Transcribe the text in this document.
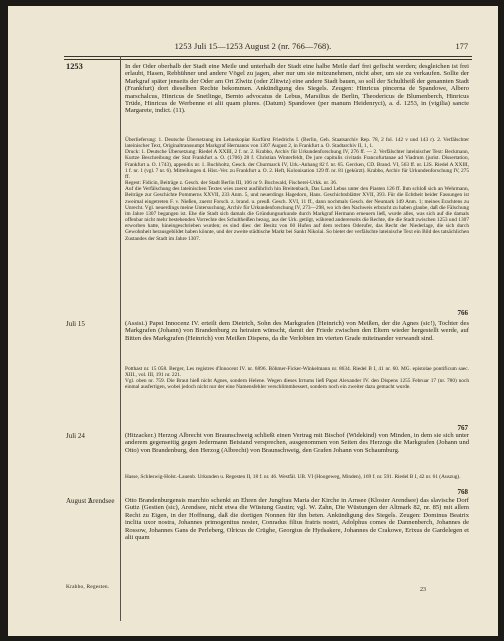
1253 Juli 15—1253 August 2 (nr. 766—768).	177
1253	In der Oder oberhalb der Stadt eine Meile und unterhalb der Stadt eine halbe Meile darf frei gefischt werden; desgleichen ist frei erlaubt, Hasen, Rebhühner und andere Vögel zu jagen, aber nur um sie mitzunehmen, nicht aber, um sie zu verkaufen. Sollte der Markgraf später jenseits der Oder am Ort Zlwitz (oder Zlitwiz) eine andere Stadt bauen, so soll der Schultheiß der genannten Stadt (Frankfurt) dort dieselben Rechte bekommen. Ankündigung des Siegels. Zeugen: Hinricus pincerna de Spandowe, Albero marschalcus, Hinricus de Snetlinge, Bernto advocatus de Lebus, Marsilius de Berlin, Theodericus de Blumenberch, Hinricus Trüde, Hinricus de Werbenne et alii quam plures. (Datum) Spandowe (per manum Heidenryci), a. d. 1253, in (vigilia) sancte Margarete, indict. (11).

Überlieferung: 1. Deutsche Übersetzung im Lehnskopiar Kurfürst Friedrichs I. (Berlin, Geh. Staatsarchiv Rep. 78, 2 fol. 142 v und 143 r). 2. Verfälschter lateinischer Text, Originaltranssumpt Markgraf Hermanns von 1307 August 2, in Frankfurt a. O. Stadtarchiv II, 1, 1.

Druck: 1. Deutsche Übersetzung: Riedel A XXIII, 2 f. nr. 2. Krabbo, Archiv für Urkundenforschung IV, 276 ff. — 2. Verfälschter lateinischer Text: Beckmann, Kurtze Beschreibung der Stat Frankfurt a. O. (1706) 28 f. Christian Winterfeldt, De jure capitulis civitatis Francofurtanae ad Viadrum (jurist. Dissertation, Frankfurt a. O. 1743), appendix nr. 1. Buchholtz, Gesch. der Churmarck IV, Urk.-Anhang 82 f. nr. 65. Gercken, CD. Brand. VI, 563 ff. nr. LIS. Riedel A XXIII, 1 f. nr. 1 (vgl. 7 nr. 6). Mitteilungen d. Hist.-Ver. zu Frankfurt a. O. 2. Heft, Kolonisation 129 ff. nr. 81 (gekürzt). Krabbo, Archiv für Urkundenforschung IV, 275 ff.

Regest: Fidicin, Beiträge z. Gesch. der Stadt Berlin III, 106 nr 9. Buchwald, Fischerei-Urkk. nr. 36.

Auf die Verfälschung des lateinischen Textes wies zuerst ausführlich hin Breitenbach, Das Land Lebus unter den Piasten 126 ff. Ihm schloß sich an Wehrmann, Beiträge zur Geschichte Pommerns XXVII, 233 Anm. 5, und neuerdings Hagedorn, Hans. Geschichtsblätter XVII, 393. Für die Echtheit beider Fassungen ist zweimal eingetreten F. v. Nießen, zuerst Forsch. z. brand. u. preuß. Gesch. XVI, 11 ff., dann nochmals Gesch. der Neumark 149 Anm. 1; meines Erachtens zu Unrecht. Vgl. neuerdings meine Untersuchung, Archiv für Urkundenforschung IV, 273—298, wo ich den Nachweis erbracht zu haben glaube, daß die Fälschung im Jahre 1307 begangen ist. Ehe die Stadt sich damals die Gründungsurkunde durch Markgraf Hermann erneuern ließ, wurde alles, was sich auf die damals offenbar nicht mehr bestehenden Vorrechte des Schultheißen bezog, aus der Urk. getilgt, während andererseits die Rechte, die die Stadt zwischen 1253 und 1307 erworben hatte, hineingeschrieben wurden; es sind dies: der Besitz von 60 Hufen auf dem rechten Oderufer, das Recht der Niederlage, die sich durch Gewohnheit herausgebildet haben könnte, und der zweite städtische Markt bei Sankt Nikolai. So bietet der verfälschte lateinische Text ein Bild des tatsächlichen Zustandes der Stadt im Jahre 1307.

766
Juli 15	(Assisi.) Papst Innocenz IV. erteilt dem Dietrich, Sohn des Markgrafen (Heinrich) von Meißen, der die Agnes (sic!), Tochter des Markgrafen (Johann) von Brandenburg zu heiraten wünscht, damit der Friede zwischen den Eltern wieder hergestellt werde, auf Bitten des Markgrafen (Heinrich) von Meißen Dispens, da die Verlobten im vierten Grade miteinander verwandt sind.

Potthast nr. 15 058. Berger, Les registres d'Innocent IV. nr. 6896. Böhmer-Ficker-Winkelmann nr. 8634. Riedel B I, 41 nr. 60. MG. epistolae pontificum saec. XIII., vol. III, 191 nr. 221.

Vgl. oben nr. 759. Die Braut hieß nicht Agnes, sondern Helene. Wegen dieses Irrtums ließ Papst Alexander IV. den Dispens 1255 Februar 17 (nr. 780) noch einmal ausfertigen, wobei jedoch nicht nur der eine Namensfehler verschlimmbessert, sondern noch ein zweiter dazu gemacht wurde.

767
Juli 24	(Hitzacker.) Herzog Albrecht von Braunschweig schließt einen Vertrag mit Bischof (Widekind) von Minden, in dem sie sich unter anderem gegenseitig gegen Jedermann Beistand versprechen, ausgenommen von Seiten des Herzogs die Markgrafen (Johann und Otto) von Brandenburg, den Herzog (Albrecht) von Braunschweig, den Grafen Johann von Schaumburg.
Hasse, Schleswig-Holst.-Lauenb. Urkunden u. Regesten II, 18 f. nr. 46. Westfäl. UB. VI (Hoogeweg, Minden), 169 f. nr. 591. Riedel B I, 42 nr. 61 (Auszug).
768
August 2
Arendsee Otto Brandenburgensis marchio schenkt an Ehren der Jungfrau Maria der Kirche in Arnsee (Kloster Arendsee) das slavische Dorf Gutiz (Gestien (sic), Arendsee, nicht etwa die Wüstung Gustin; vgl. W. Zahn, Die Wüstungen der Altmark 82, nr. 85) mit allem Recht zu Eigen, in der Hoffnung, daß die dortigen Nonnen für ihn beten. Ankündigung des Siegels. Zeugen: Dominus Beatrix inclita uxor nostra, Johannes primogenitus noster, Conradus filius fratris nostri, Adolphus comes de Dannenberch, Johannes de Rossow, Johannes Gans de Perleberg, Olricus de Crüghe, Georgius de Hydsakere, Johannes de Crakowe, Erixus de Gardelegen et alii quam
Krabbo, Regesten.	23
